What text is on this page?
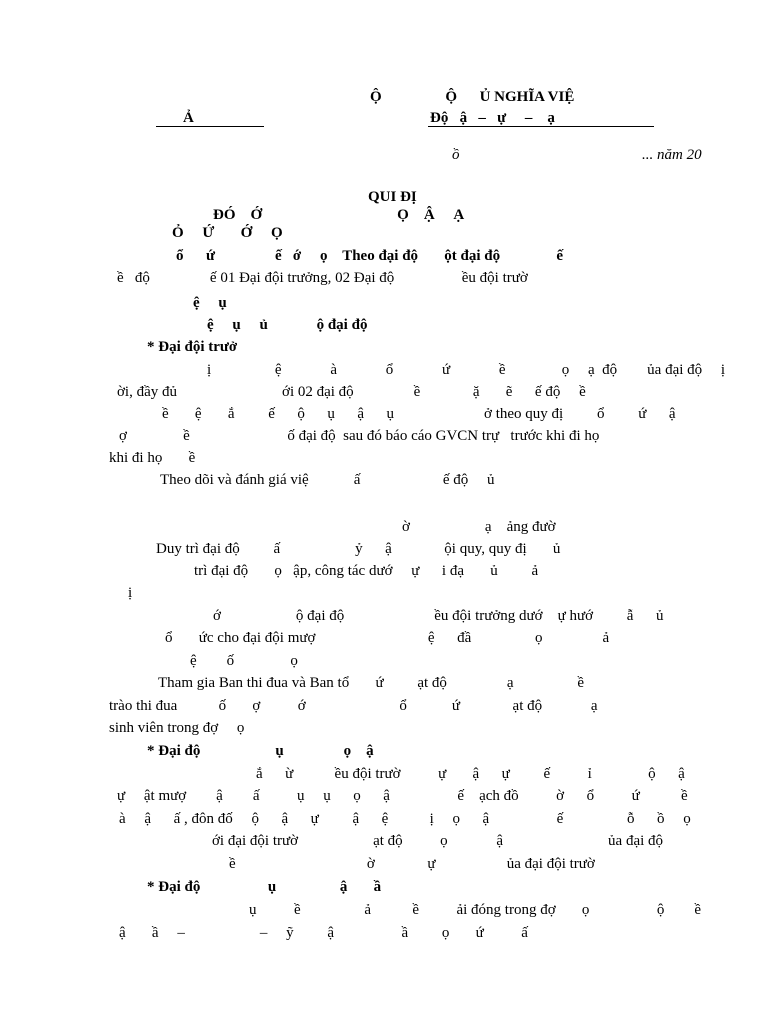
Ộ                 Ộ      Ủ NGHĨA VIỆ
Ả	Độ   ậ   –   ự     –    ạ
ồ	... năm 20
QUI ĐỊ
ĐÓ    Ớ                                    Ọ    Ậ     Ạ
Ỏ     Ứ       Ớ     Ọ
ổ      ứ                ế   ớ     ọ    Theo đại độ       ột đại độ               ế
ề   độ                ế 01 Đại đội trưởng, 02 Đại độ                  ều đội trườ
ệ     ụ
ệ     ụ     ủ             ộ đại độ
* Đại đội trưở
ị                 ệ             à             ổ             ứ             ề               ọ     ạ  độ        ủa đại độ     ị
ời, đầy đủ                            ới 02 đại độ                ề              ặ       ẽ      ế độ     ề
ề       ệ       ắ         ế      ộ      ụ      ậ      ụ                        ở theo quy đị         ổ         ứ      ậ
ợ               ề                          ố đại độ  sau đó báo cáo GVCN trự   trước khi đi họ
khi đi họ       ề
Theo dõi và đánh giá việ            ấ                      ế độ     ủ
ờ                    ạ    ảng đườ
Duy trì đại độ         ấ                    ỷ      ậ              ội quy, quy đị       ủ
trì đại độ       ọ   ập, công tác dướ     ự      i đạ       ủ         ả
ị
ớ                    ộ đại độ                        ều đội trưởng dướ    ự hướ         ẫ      ủ
ổ       ức cho đại đội mượ                              ệ      đầ                 ọ                ả
ệ        ố               ọ
Tham gia Ban thi đua và Ban tổ       ứ         ạt độ                ạ                 ề
trào thi đua           ố       ợ          ớ                         ổ            ứ              ạt độ             ạ
sinh viên trong đợ     ọ
* Đại độ                    ụ                ọ    ậ
ắ      ừ           ều đội trườ          ự       ậ      ự         ế          ỉ               ộ      ậ
ự     ật mượ        ậ        ấ          ụ     ụ      ọ      ậ                  ế    ạch đồ          ờ      ổ          ứ           ề
à     ậ      ấ , đôn đố     ộ      ậ      ự         ậ      ệ           ị     ọ      ậ                  ế                 ỗ      ồ     ọ
ới đại đội trườ                    ạt độ          ọ             ậ                            ủa đại độ
ề                                   ờ              ự                   ủa đại đội trườ
* Đại độ                  ụ                 ậ       ầ
ụ          ề                 ả           ề          ải đóng trong đợ       ọ                  ộ        ề
ậ       ầ     –                    –     ỹ         ậ                  ầ         ọ       ứ          ấ
